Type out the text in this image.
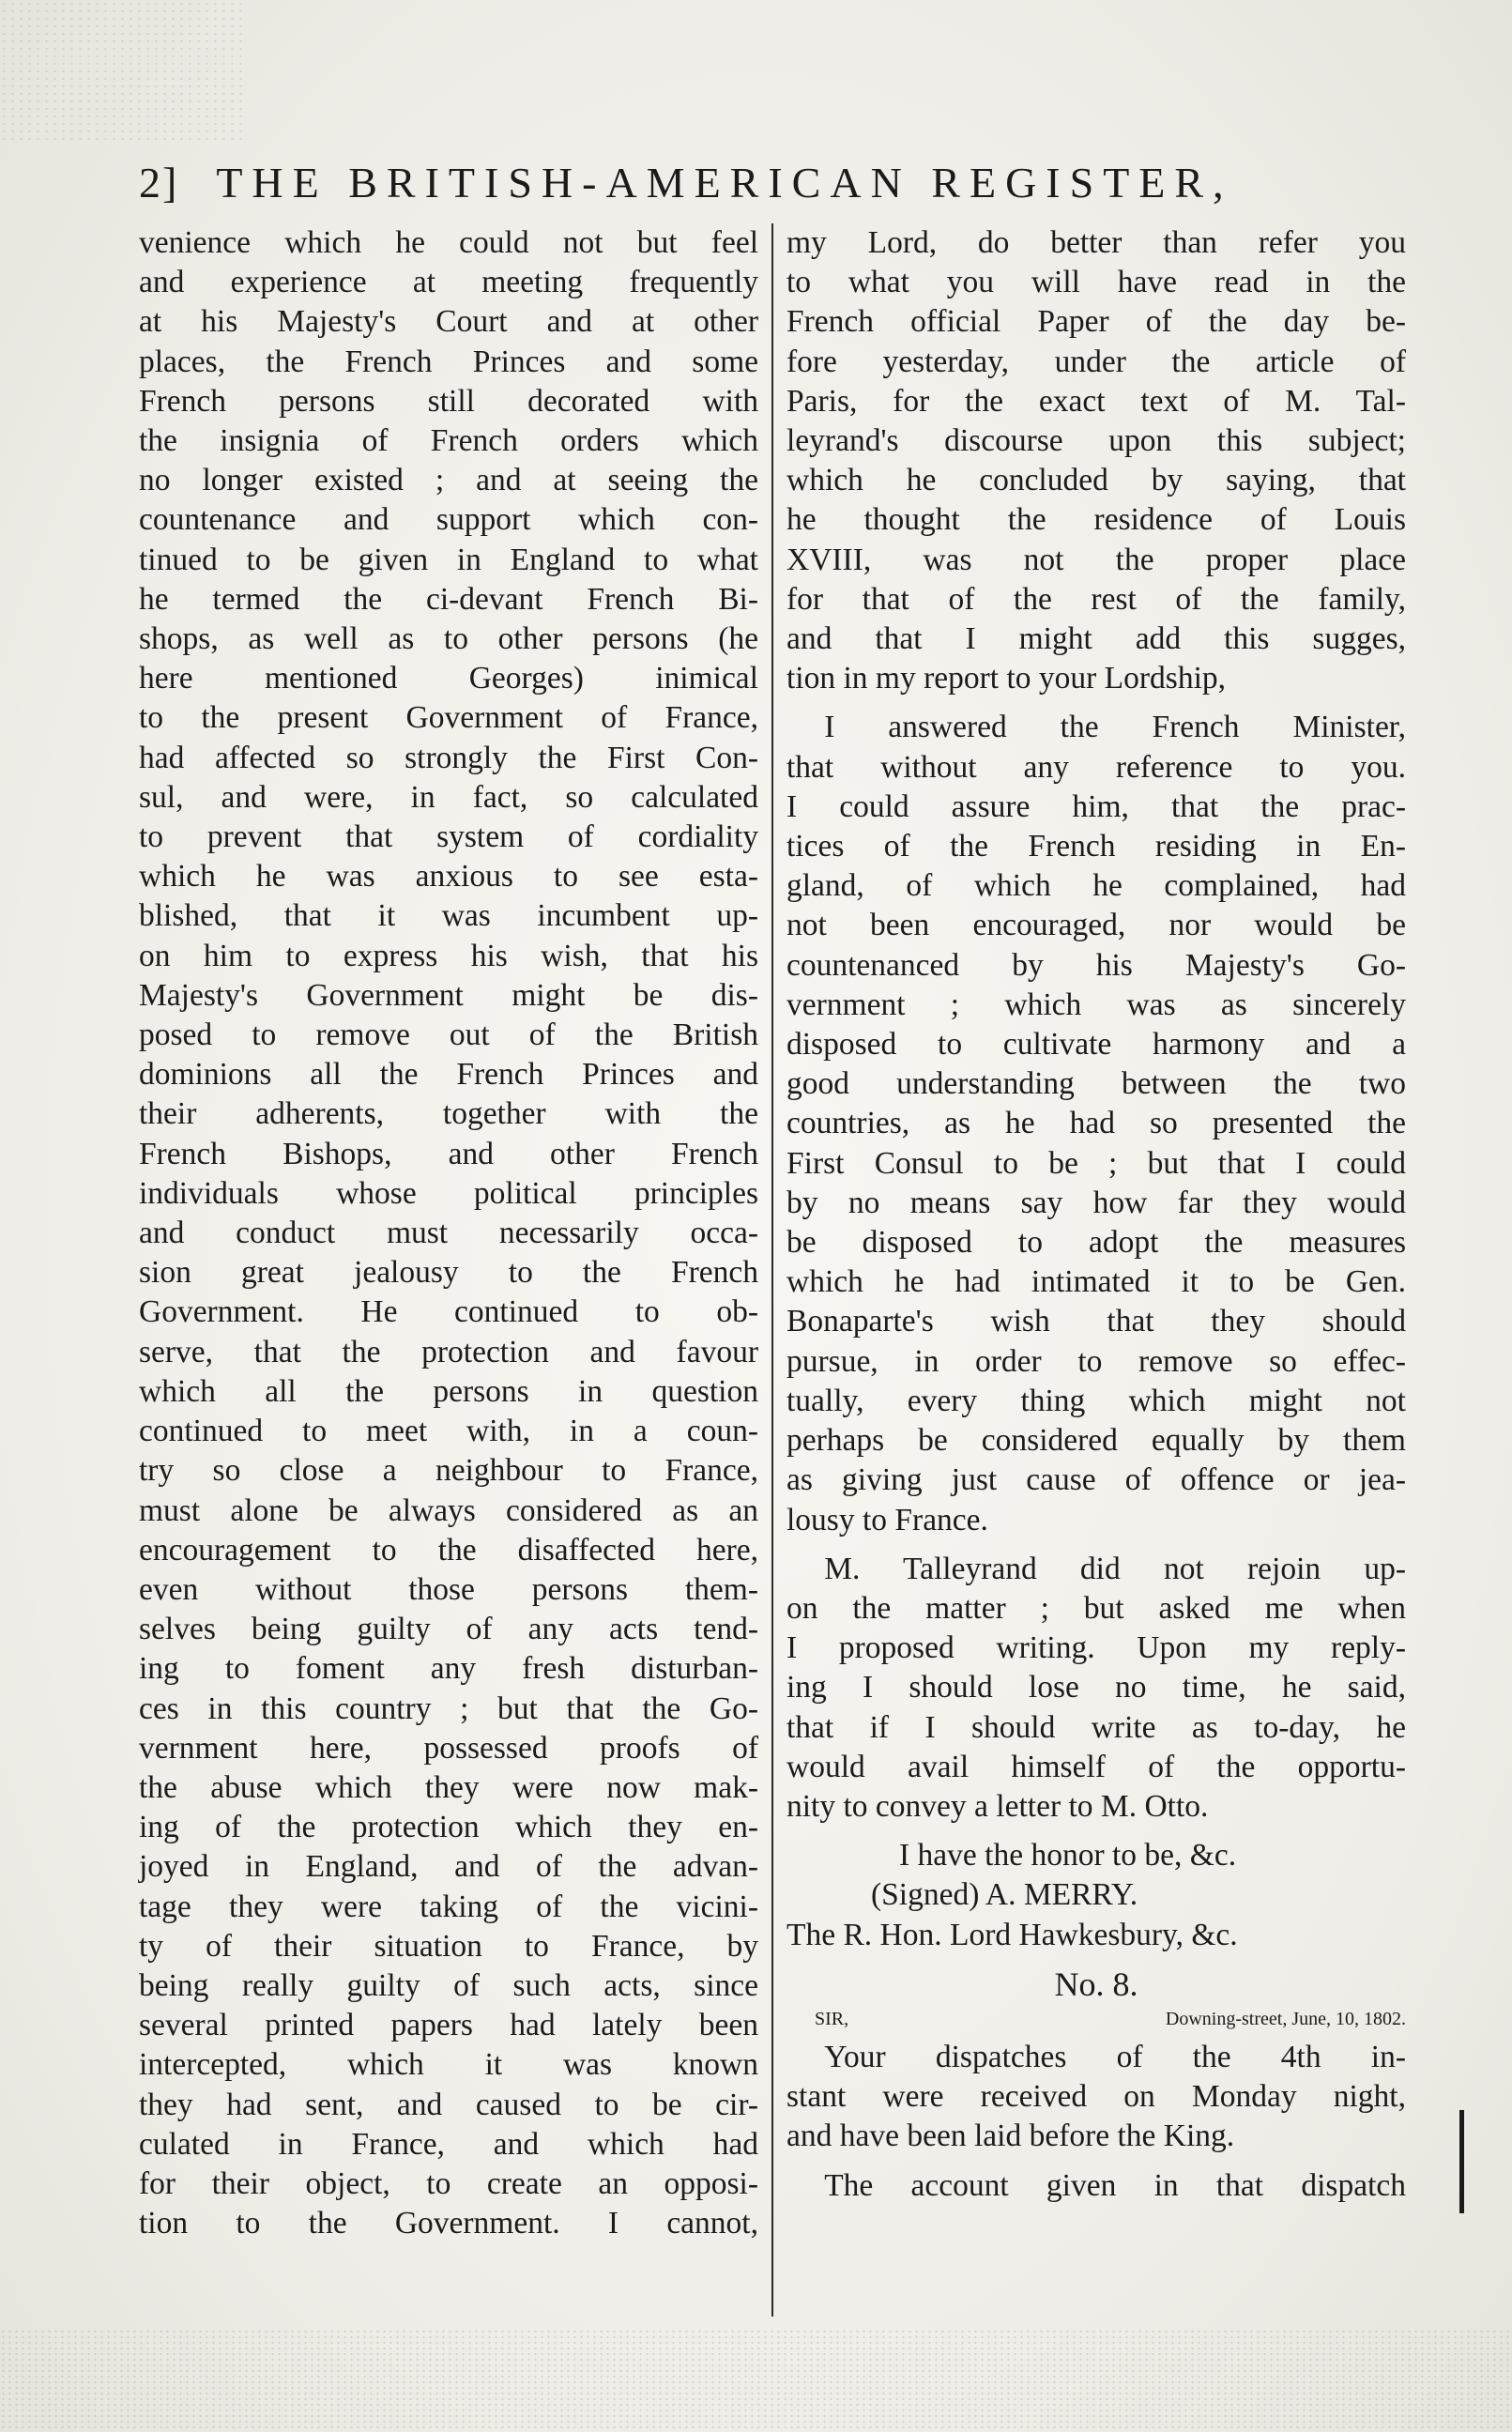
2] THE BRITISH-AMERICAN REGISTER,

venience which he could not but feel

and experience at meeting frequently

at his Majesty's Court and at other

places, the French Princes and some

French persons still decorated with

the insignia of French orders which

no longer existed ; and at seeing the

countenance and support which con-

tinued to be given in England to what

he termed the ci-devant French Bi-

shops, as well as to other persons (he

here mentioned Georges) inimical

to the present Government of France,

had affected so strongly the First Con-

sul, and were, in fact, so calculated

to prevent that system of cordiality

which he was anxious to see esta-

blished, that it was incumbent up-

on him to express his wish, that his

Majesty's Government might be dis-

posed to remove out of the British

dominions all the French Princes and

their adherents, together with the

French Bishops, and other French

individuals whose political principles

and conduct must necessarily occa-

sion great jealousy to the French

Government. He continued to ob-

serve, that the protection and favour

which all the persons in question

continued to meet with, in a coun-

try so close a neighbour to France,

must alone be always considered as an

encouragement to the disaffected here,

even without those persons them-

selves being guilty of any acts tend-

ing to foment any fresh disturban-

ces in this country ; but that the Go-

vernment here, possessed proofs of

the abuse which they were now mak-

ing of the protection which they en-

joyed in England, and of the advan-

tage they were taking of the vicini-

ty of their situation to France, by

being really guilty of such acts, since

several printed papers had lately been

intercepted, which it was known

they had sent, and caused to be cir-

culated in France, and which had

for their object, to create an opposi-

tion to the Government. I cannot,

my Lord, do better than refer you

to what you will have read in the

French official Paper of the day be-

fore yesterday, under the article of

Paris, for the exact text of M. Tal-

leyrand's discourse upon this subject;

which he concluded by saying, that

he thought the residence of Louis

XVIII, was not the proper place

for that of the rest of the family,

and that I might add this sugges,

tion in my report to your Lordship,

I answered the French Minister,

that without any reference to you.

I could assure him, that the prac-

tices of the French residing in En-

gland, of which he complained, had

not been encouraged, nor would be

countenanced by his Majesty's Go-

vernment ; which was as sincerely

disposed to cultivate harmony and a

good understanding between the two

countries, as he had so presented the

First Consul to be ; but that I could

by no means say how far they would

be disposed to adopt the measures

which he had intimated it to be Gen.

Bonaparte's wish that they should

pursue, in order to remove so effec-

tually, every thing which might not

perhaps be considered equally by them

as giving just cause of offence or jea-

lousy to France.

M. Talleyrand did not rejoin up-

on the matter ; but asked me when

I proposed writing. Upon my reply-

ing I should lose no time, he said,

that if I should write as to-day, he

would avail himself of the opportu-

nity to convey a letter to M. Otto.

I have the honor to be, &c.

(Signed) A. MERRY.

The R. Hon. Lord Hawkesbury, &c.

No. 8.

SIR,	Downing-street, June, 10, 1802.

Your dispatches of the 4th in-

stant were received on Monday night,

and have been laid before the King.

The account given in that dispatch
